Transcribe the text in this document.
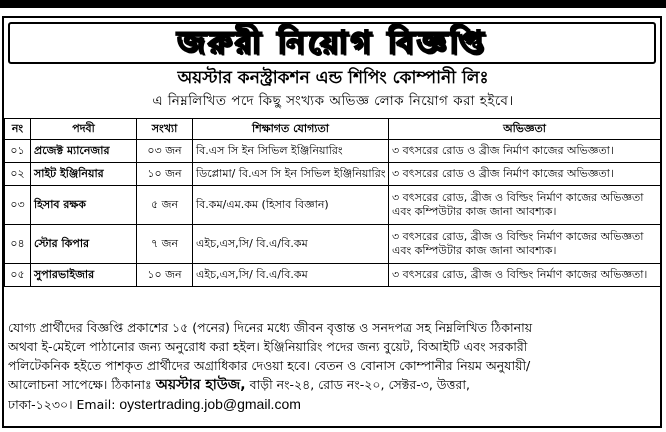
জরুরী নিয়োগ বিজ্ঞপ্তি
অয়স্টার কনস্ট্রাকশন এন্ড শিপিং কোম্পানী লিঃ
এ নিম্নলিখিত পদে কিছু সংখ্যক অভিজ্ঞ লোক নিয়োগ করা হইবে।
নং	পদবী	সংখ্যা	শিক্ষাগত যোগ্যতা	অভিজ্ঞতা
০১	প্রজেক্ট ম্যানেজার	০৩ জন	বি.এস সি ইন সিভিল ইঞ্জিনিয়ারিং	৩ বৎসরের রোড ও ব্রীজ নির্মাণ কাজের অভিজ্ঞতা।
০২	সাইট ইঞ্জিনিয়ার	১০ জন	ডিপ্লোমা/ বি.এস সি ইন সিভিল ইঞ্জিনিয়ারিং	৩ বৎসরের রোড ও ব্রীজ নির্মাণ কাজের অভিজ্ঞতা।
০৩	হিসাব রক্ষক	৫ জন	বি.কম/এম.কম (হিসাব বিজ্ঞান)	৩ বৎসরের রোড, ব্রীজ ও বিল্ডিং নির্মাণ কাজের অভিজ্ঞতা এবং কম্পিউটার কাজ জানা আবশ্যক।
০৪	স্টোর কিপার	৭ জন	এইচ,এস,সি/ বি.এ/বি.কম	৩ বৎসরের রোড, ব্রীজ ও বিল্ডিং নির্মাণ কাজের অভিজ্ঞতা এবং কম্পিউটার কাজ জানা আবশ্যক।
০৫	সুপারভাইজার	১০ জন	এইচ,এস,সি/ বি.এ/বি.কম	৩ বৎসরের রোড, ব্রীজ ও বিল্ডিং নির্মাণ কাজের অভিজ্ঞতা।
যোগ্য প্রার্থীদের বিজ্ঞপ্তি প্রকাশের ১৫ (পনের) দিনের মধ্যে জীবন বৃত্তান্ত ও সনদপত্র সহ নিম্নলিখিত ঠিকানায়
অথবা ই-মেইলে পাঠানোর জন্য অনুরোধ করা হইল। ইঞ্জিনিয়ারিং পদের জন্য বুয়েট, বিআইটি এবং সরকারী
পলিটেকনিক হইতে পাশকৃত প্রার্থীদের অগ্রাধিকার দেওয়া হবে। বেতন ও বোনাস কোম্পানীর নিয়ম অনুযায়ী/
আলোচনা সাপেক্ষে। ঠিকানাঃ অয়স্টার হাউজ, বাড়ী নং-২৪, রোড নং-২০, সেক্টর-৩, উত্তরা,
ঢাকা-১২৩০। Email: oystertrading.job@gmail.com
